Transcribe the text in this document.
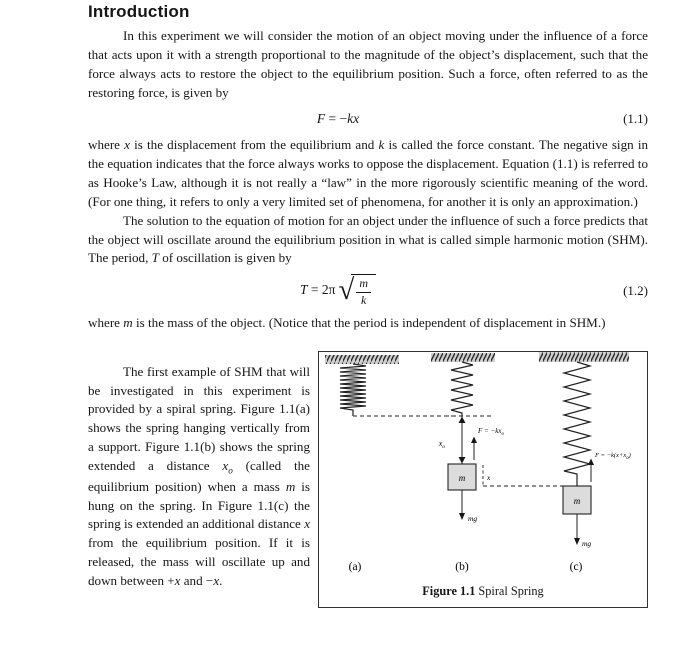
Introduction

In this experiment we will consider the motion of an object moving under the influence of a force that acts upon it with a strength proportional to the magnitude of the object’s displacement, such that the force always acts to restore the object to the equilibrium position. Such a force, often referred to as the restoring force, is given by

F = −kx	(1.1)

where x is the displacement from the equilibrium and k is called the force constant. The negative sign in the equation indicates that the force always works to oppose the displacement. Equation (1.1) is referred to as Hooke’s Law, although it is not really a “law” in the more rigorously scientific meaning of the word. (For one thing, it refers to only a very limited set of phenomena, for another it is only an approximation.)

The solution to the equation of motion for an object under the influence of such a force predicts that the object will oscillate around the equilibrium position in what is called simple harmonic motion (SHM). The period, T of oscillation is given by

T = 2π √
$\frac{m}{k}$	(1.2)

where m is the mass of the object. (Notice that the period is independent of displacement in SHM.)

The first example of SHM that will be investigated in this experiment is provided by a spiral spring. Figure 1.1(a) shows the spring hanging vertically from a support. Figure 1.1(b) shows the spring extended a distance $x_o$ (called the equilibrium position) when a mass m is hung on the spring. In Figure 1.1(c) the spring is extended an additional distance x from the equilibrium position. If it is released, the mass will oscillate up and down between +x and −x.

$x_o$
$F = -kx_o$
m	x
mg
m
$F = -k(x+x_o)$
mg
(a)	(b)	(c)
Figure 1.1 Spiral Spring
